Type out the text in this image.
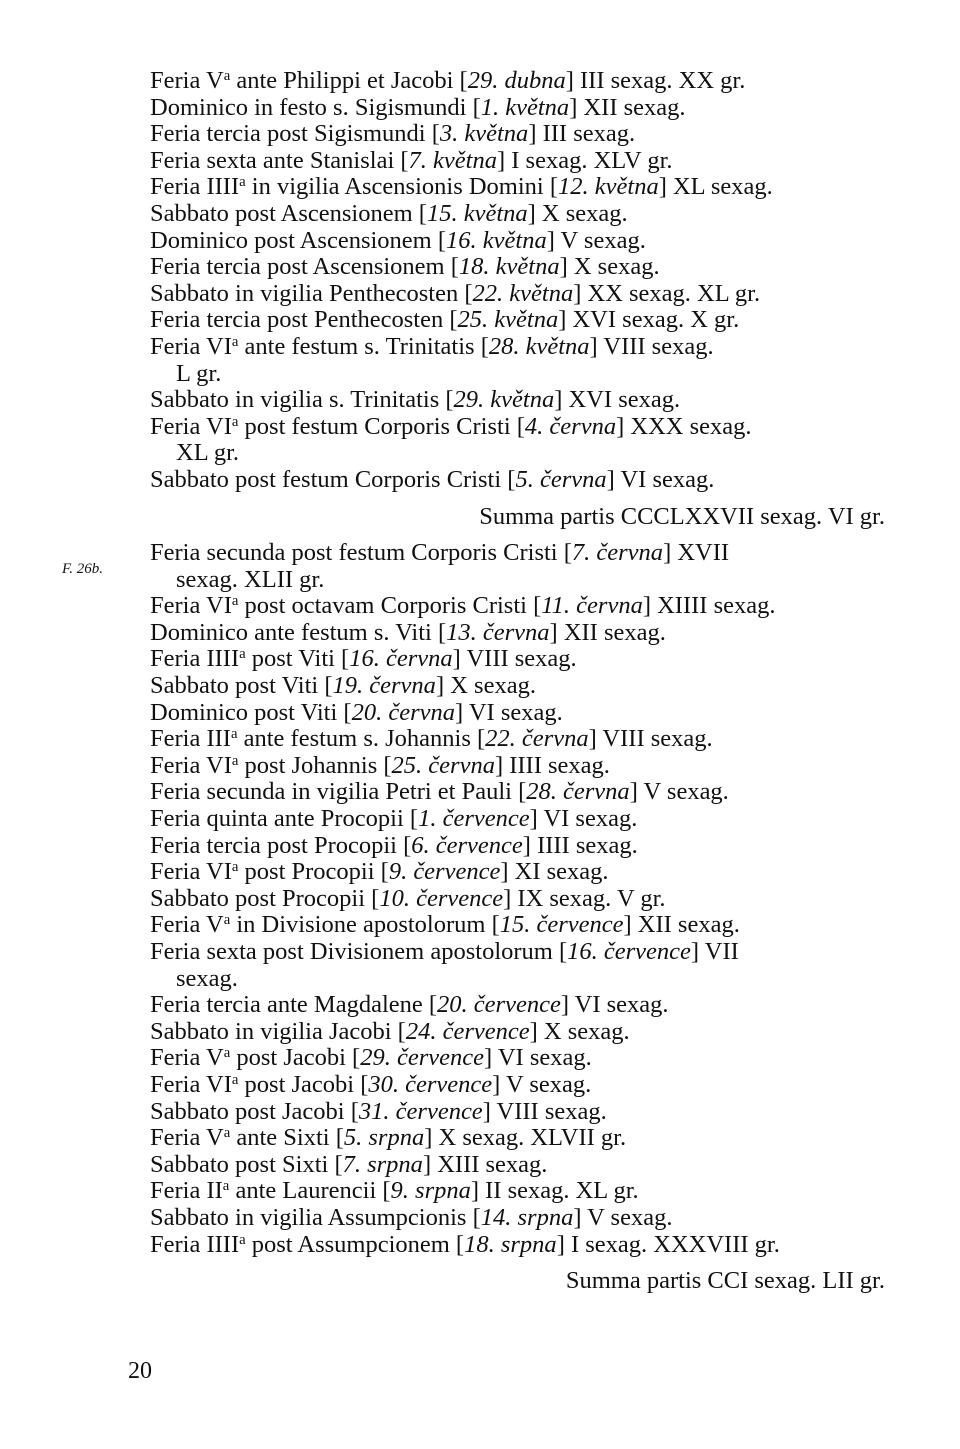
Feria $V^a$ ante Philippi et Jacobi [29. dubna] III sexag. XX gr.
Dominico in festo s. Sigismundi [1. května] XII sexag.
Feria tercia post Sigismundi [3. května] III sexag.
Feria sexta ante Stanislai [7. května] I sexag. XLV gr.
Feria IIII$^a$ in vigilia Ascensionis Domini [12. května] XL sexag.
Sabbato post Ascensionem [15. května] X sexag.
Dominico post Ascensionem [16. května] V sexag.
Feria tercia post Ascensionem [18. května] X sexag.
Sabbato in vigilia Penthecosten [22. května] XX sexag. XL gr.
Feria tercia post Penthecosten [25. května] XVI sexag. X gr.
Feria $VI^a$ ante festum s. Trinitatis [28. května] VIII sexag.
L gr.
Sabbato in vigilia s. Trinitatis [29. května] XVI sexag.
Feria $VI^a$ post festum Corporis Cristi [4. června] XXX sexag.
XL gr.
Sabbato post festum Corporis Cristi [5. června] VI sexag.
Summa partis CCCLXXVII sexag. VI gr.
Feria secunda post festum Corporis Cristi [7. června] XVII
sexag. XLII gr.
Feria $VI^a$ post octavam Corporis Cristi [11. června] XIIII sexag.
Dominico ante festum s. Viti [13. června] XII sexag.
Feria IIII$^a$ post Viti [16. června] VIII sexag.
Sabbato post Viti [19. června] X sexag.
Dominico post Viti [20. června] VI sexag.
Feria III$^a$ ante festum s. Johannis [22. června] VIII sexag.
Feria $VI^a$ post Johannis [25. června] IIII sexag.
Feria secunda in vigilia Petri et Pauli [28. června] V sexag.
Feria quinta ante Procopii [1. července] VI sexag.
Feria tercia post Procopii [6. července] IIII sexag.
Feria $VI^a$ post Procopii [9. července] XI sexag.
Sabbato post Procopii [10. července] IX sexag. V gr.
Feria $V^a$ in Divisione apostolorum [15. července] XII sexag.
Feria sexta post Divisionem apostolorum [16. července] VII
sexag.
Feria tercia ante Magdalene [20. července] VI sexag.
Sabbato in vigilia Jacobi [24. července] X sexag.
Feria $V^a$ post Jacobi [29. července] VI sexag.
Feria $VI^a$ post Jacobi [30. července] V sexag.
Sabbato post Jacobi [31. července] VIII sexag.
Feria $V^a$ ante Sixti [5. srpna] X sexag. XLVII gr.
Sabbato post Sixti [7. srpna] XIII sexag.
Feria $II^a$ ante Laurencii [9. srpna] II sexag. XL gr.
Sabbato in vigilia Assumpcionis [14. srpna] V sexag.
Feria IIII$^a$ post Assumpcionem [18. srpna] I sexag. XXXVIII gr.
Summa partis CCI sexag. LII gr.
F. 26b.
20
